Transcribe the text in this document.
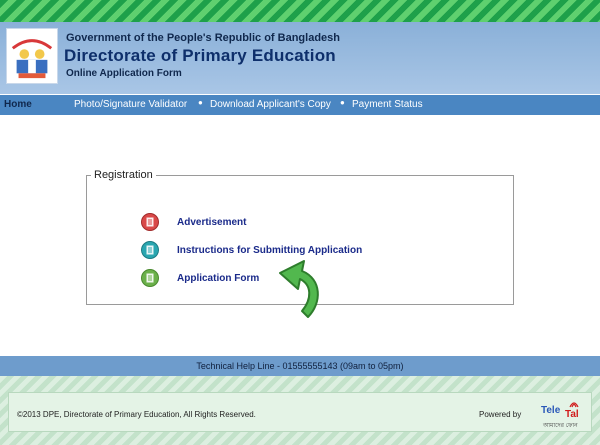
Government of the People's Republic of Bangladesh
Directorate of Primary Education
Online Application Form
Home	Photo/Signature Validator ● Download Applicant's Copy ● Payment Status
Registration
Advertisement
Instructions for Submitting Application
Application Form
Technical Help Line - 01555555143 (09am to 05pm)
©2013 DPE, Directorate of Primary Education, All Rights Reserved.	Powered by Tele Tal
আমাদের ফোন
